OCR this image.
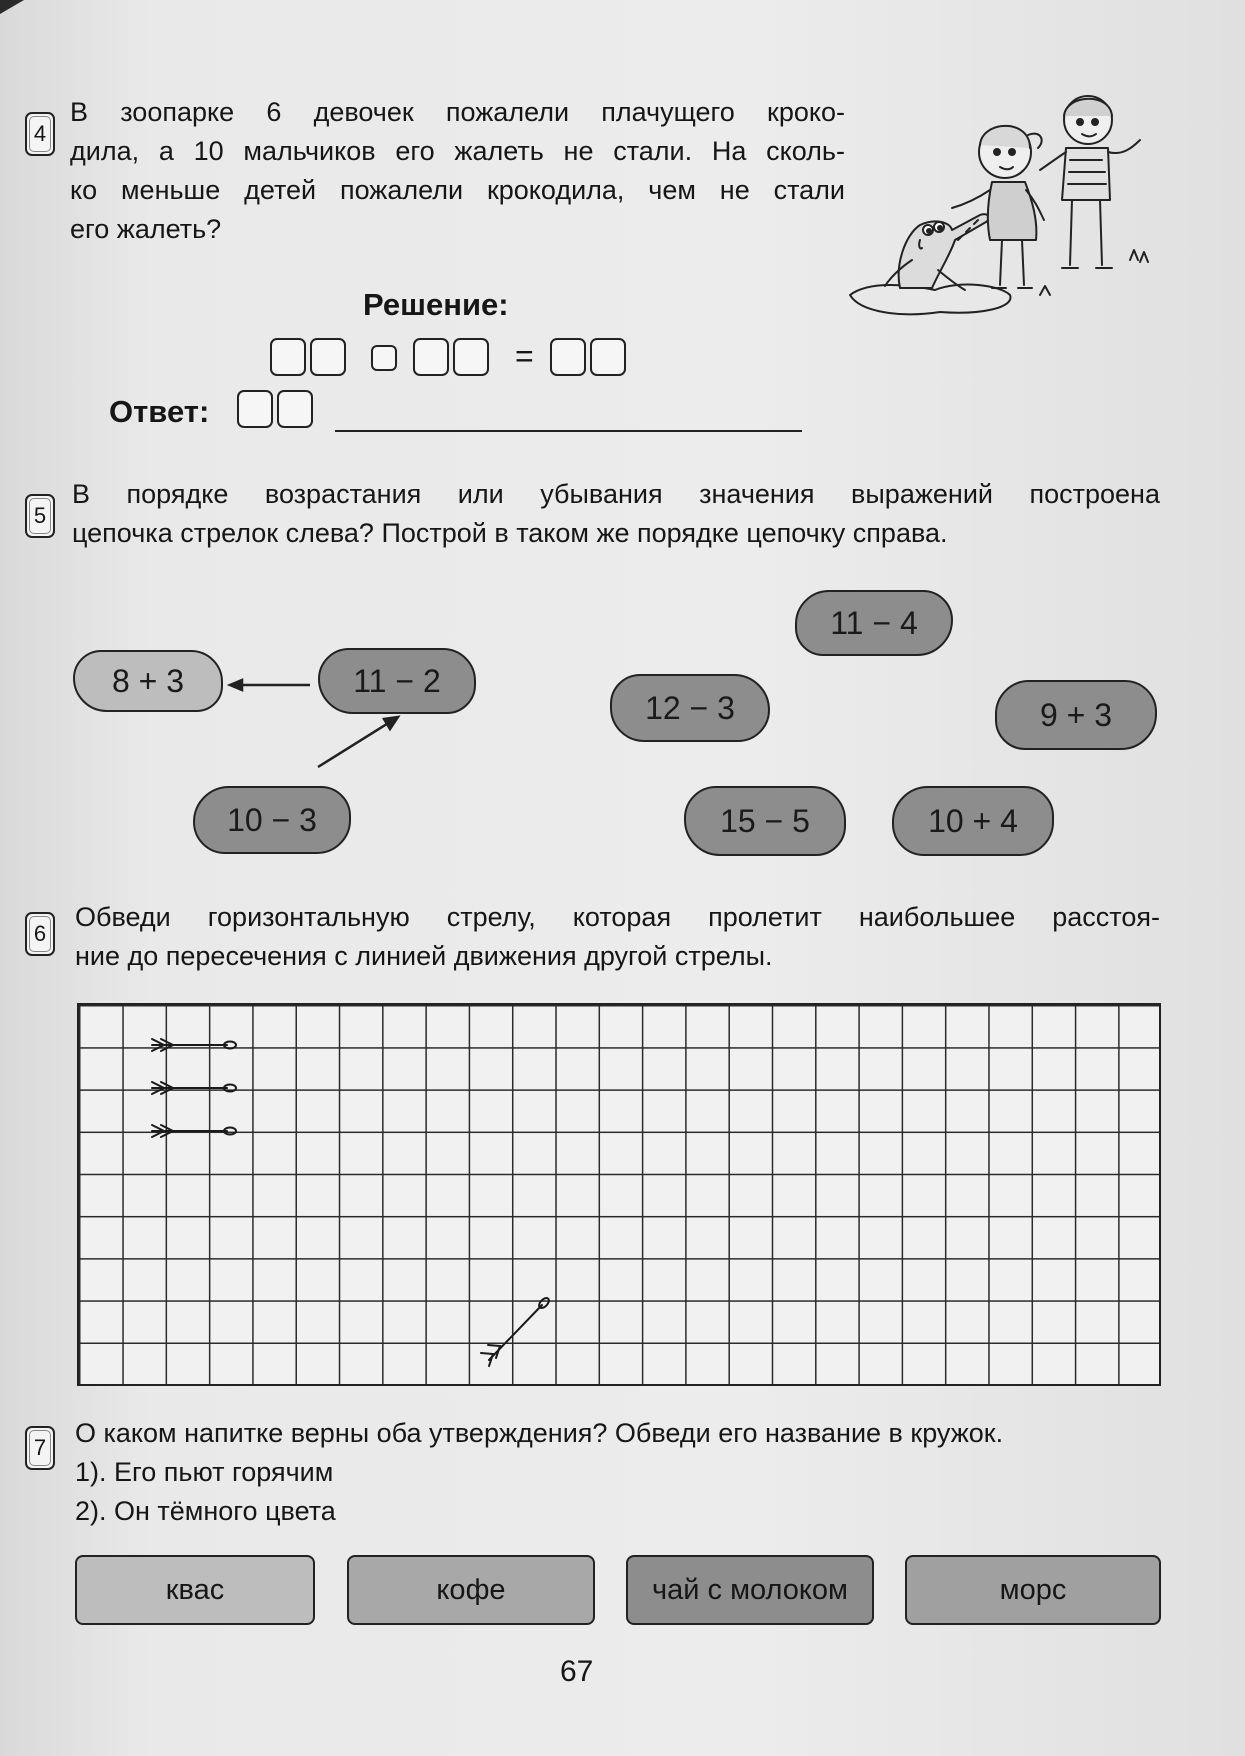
4
В зоопарке 6 девочек пожалели плачущего кроко-
дила, а 10 мальчиков его жалеть не стали. На сколь-
ко меньше детей пожалели крокодила, чем не стали
его жалеть?
Решение:
=
Ответ:
5
В порядке возрастания или убывания значения выражений построена
цепочка стрелок слева? Построй в таком же порядке цепочку справа.
8 + 3	11 − 2
10 − 3
11 − 4
12 − 3	9 + 3
15 − 5	10 + 4
6
Обведи горизонтальную стрелу, которая пролетит наибольшее расстоя-
ние до пересечения с линией движения другой стрелы.
7	О каком напитке верны оба утверждения? Обведи его название в кружок.
1). Его пьют горячим
2). Он тёмного цвета
квас	кофе	чай с молоком	морс
67
